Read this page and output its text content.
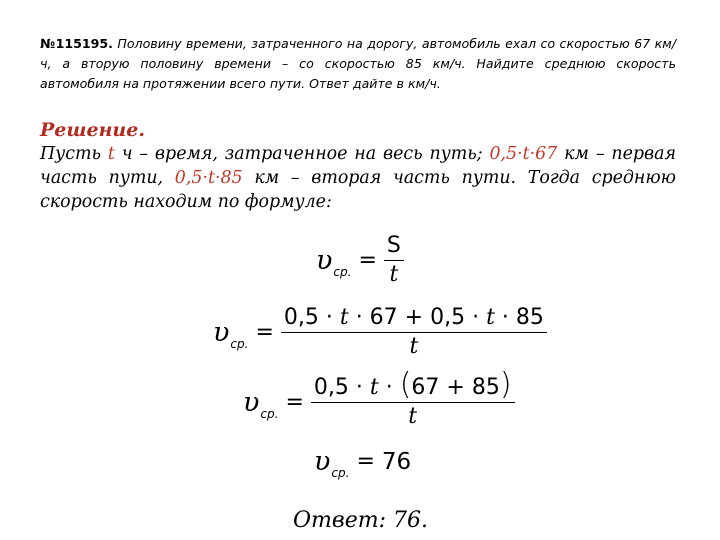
№115195. Половину времени, затраченного на дорогу, автомобиль ехал со скоростью 67 км/ч, а вторую половину времени – со скоростью 85 км/ч. Найдите среднюю скорость автомобиля на протяжении всего пути. Ответ дайте в км/ч.

Решение.

Пусть t ч – время, затраченное на весь путь; 0,5·t·67 км – первая часть пути, 0,5·t·85 км – вторая часть пути. Тогда среднюю скорость находим по формуле:

υ ср. = $\frac{S}{t}$
υ ср. = $\frac{0,5 \cdot t \cdot 67 + 0,5 \cdot t \cdot 85}{t}$
υ ср. = $\frac{0,5 \cdot t \cdot (67 + 85)}{t}$
υ ср. = 76

Ответ: 76.
